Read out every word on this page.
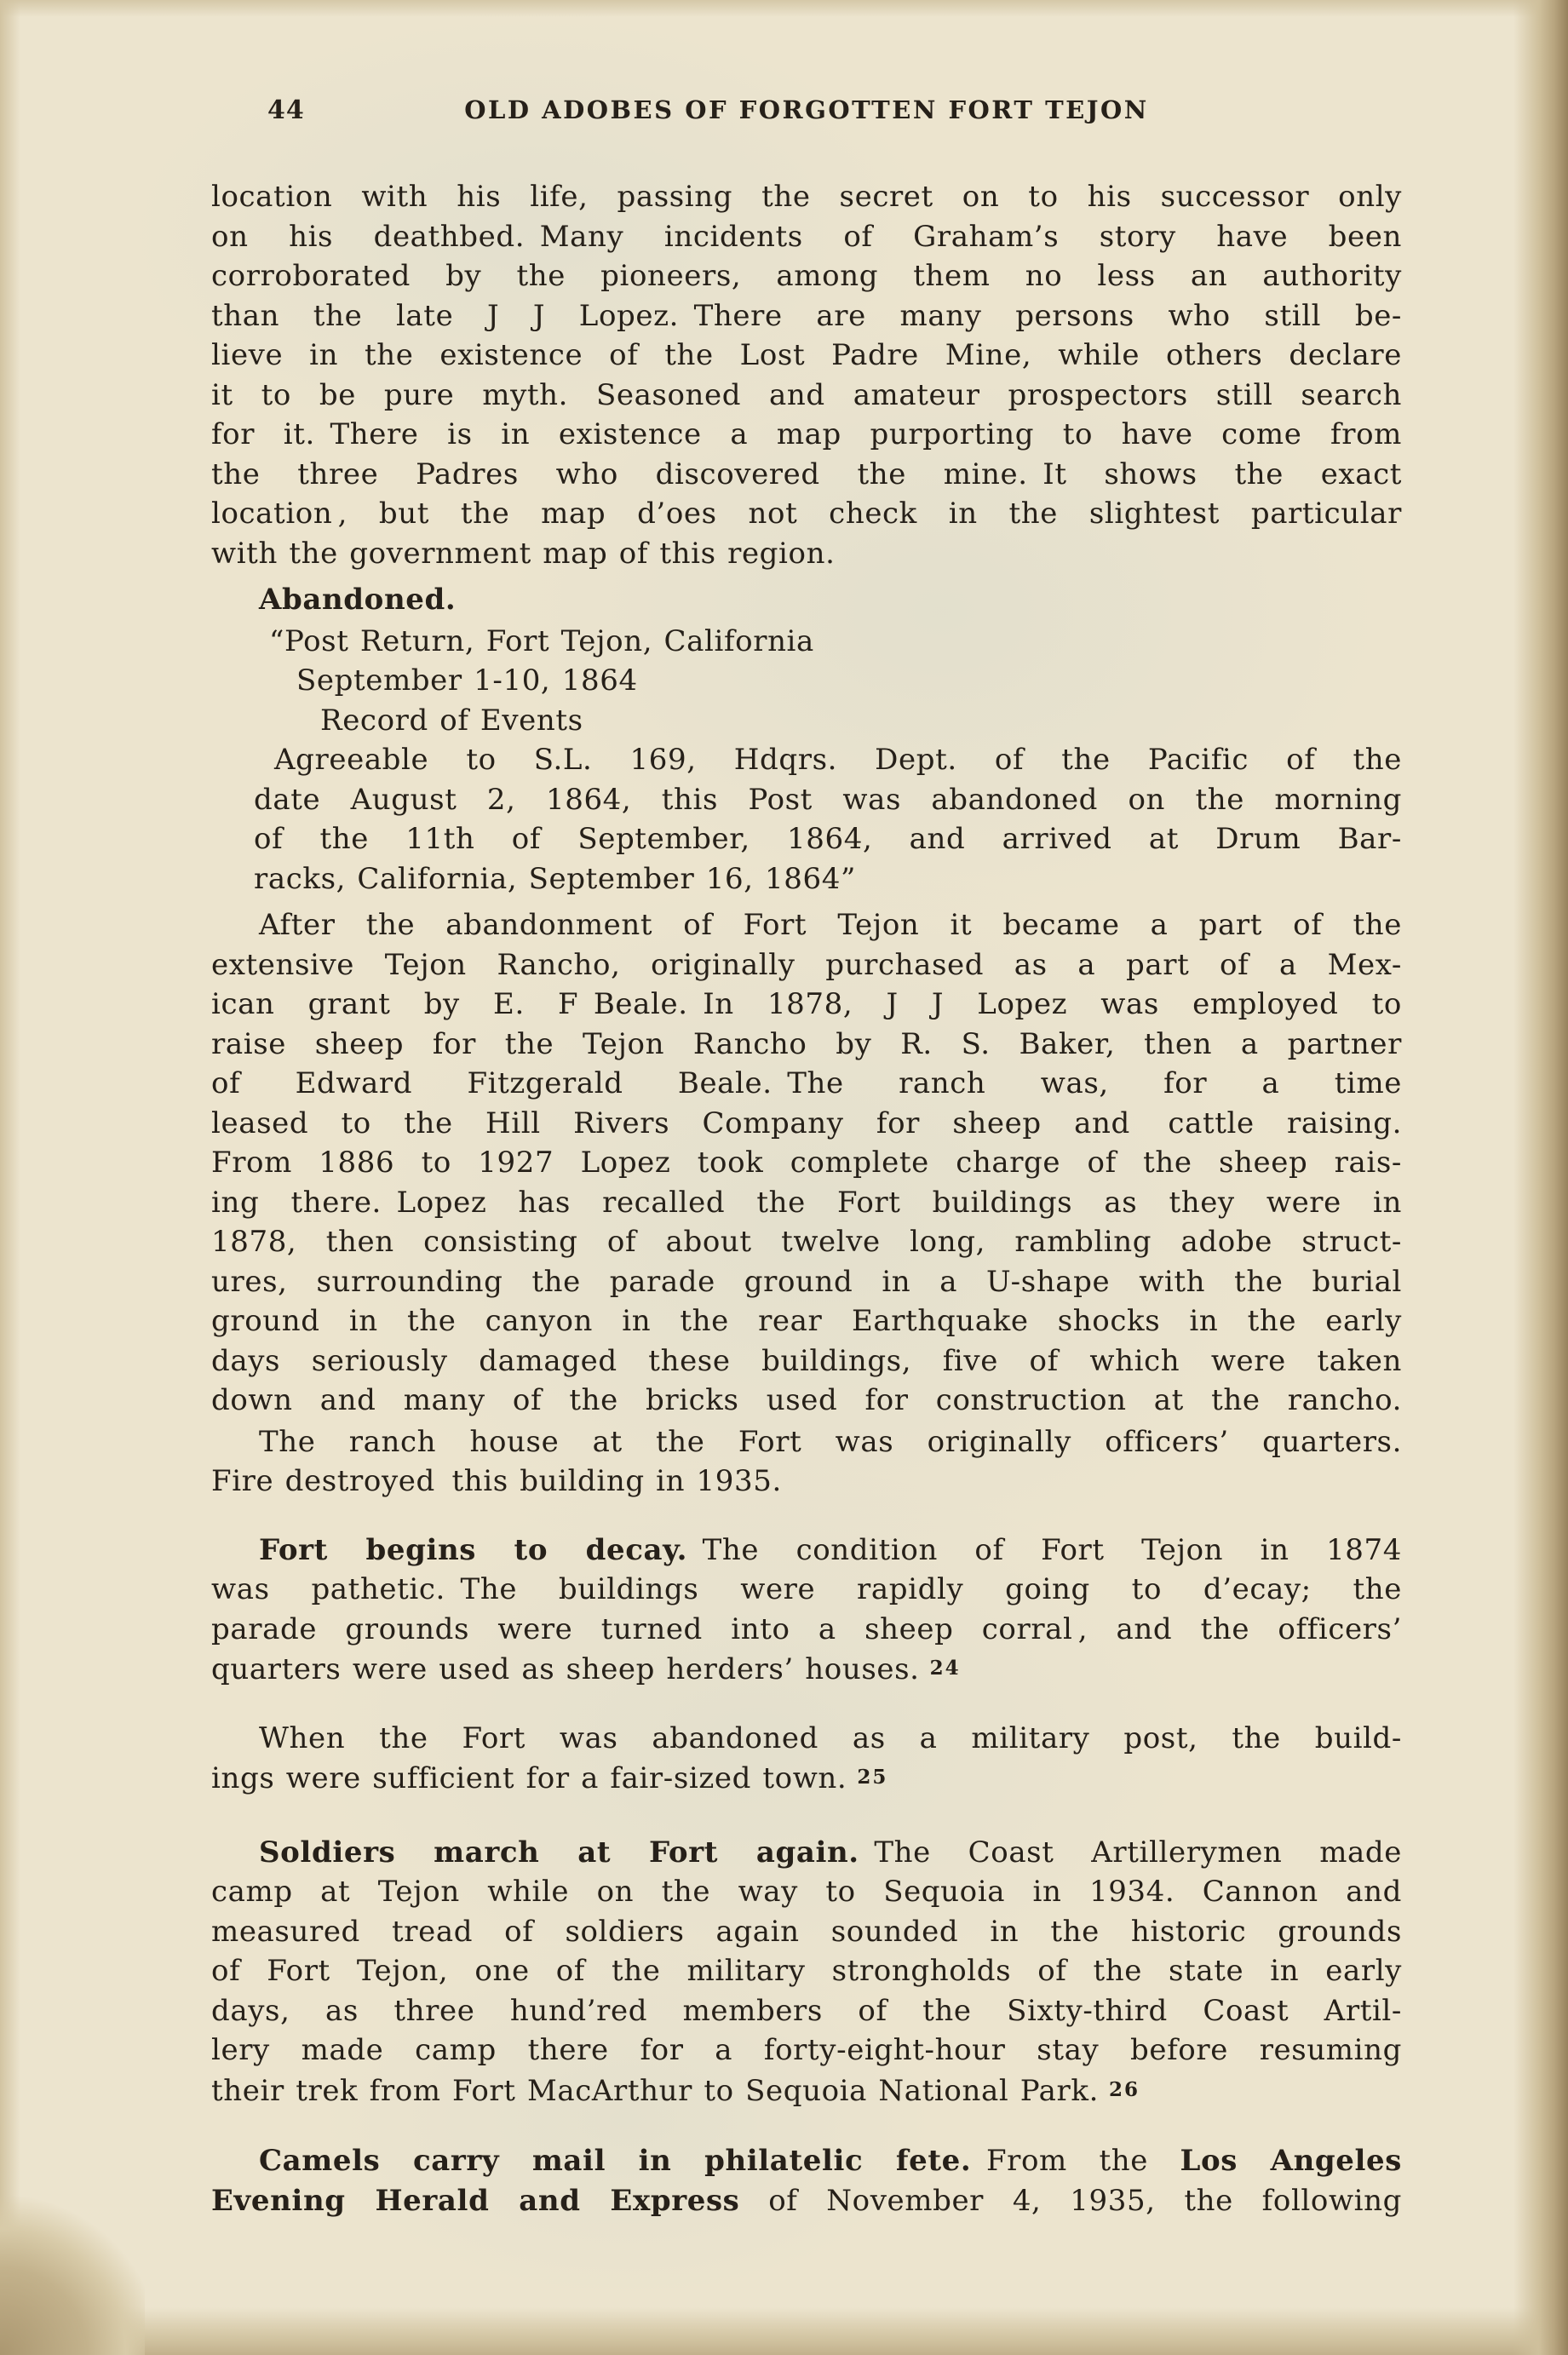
44	OLD ADOBES OF FORGOTTEN FORT TEJON
location with his life, passing the secret on to his successor only
on his deathbed. Many incidents of Graham’s story have been
corroborated by the pioneers, among them no less an authority
than the late J J Lopez. There are many persons who still be-
lieve in the existence of the Lost Padre Mine, while others declare
it to be pure myth. Seasoned and amateur prospectors still search
for it. There is in existence a map purporting to have come from
the three Padres who discovered the mine. It shows the exact
location , but the map d’oes not check in the slightest particular
with the government map of this region.
Abandoned.
“Post Return, Fort Tejon, California
September 1-10, 1864
Record of Events
Agreeable to S.L. 169, Hdqrs. Dept. of the Pacific of the
date August 2, 1864, this Post was abandoned on the morning
of the 11th of September, 1864, and arrived at Drum Bar-
racks, California, September 16, 1864”
After the abandonment of Fort Tejon it became a part of the
extensive Tejon Rancho, originally purchased as a part of a Mex-
ican grant by E. F Beale. In 1878, J J Lopez was employed to
raise sheep for the Tejon Rancho by R. S. Baker, then a partner
of Edward Fitzgerald Beale. The ranch was, for a time
leased to the Hill Rivers Company for sheep and  cattle raising.
From 1886 to 1927 Lopez took complete charge of the sheep rais-
ing there. Lopez has recalled the Fort buildings as they were in
1878, then consisting of about twelve long, rambling adobe struct-
ures, surrounding the parade ground in a U-shape with the burial
ground in the canyon in the rear Earthquake shocks in the early
days seriously damaged these buildings, five of which were taken
down and many of the bricks used for construction at the rancho.
The ranch house at the Fort was originally officers’ quarters.
Fire destroyed  this building in 1935.
Fort begins to decay. The condition of Fort Tejon in 1874
was pathetic. The buildings were rapidly going to d’ecay; the
parade grounds were turned into a sheep corral , and the officers’
quarters were used as sheep herders’ houses. $^{24}$
When the Fort was abandoned as a military post, the build-
ings were sufficient for a fair-sized town. $^{25}$
Soldiers march at Fort again. The Coast Artillerymen made
camp at Tejon while on the way to Sequoia in 1934. Cannon and
measured tread of soldiers again sounded in the historic grounds
of Fort Tejon, one of the military strongholds of the state in early
days, as three hund’red members of the Sixty-third Coast Artil-
lery made camp there for a forty-eight-hour stay before resuming
their trek from Fort MacArthur to Sequoia National Park. $^{26}$
Camels carry mail in philatelic fete. From the Los Angeles
Evening Herald and Express of November 4, 1935, the following
